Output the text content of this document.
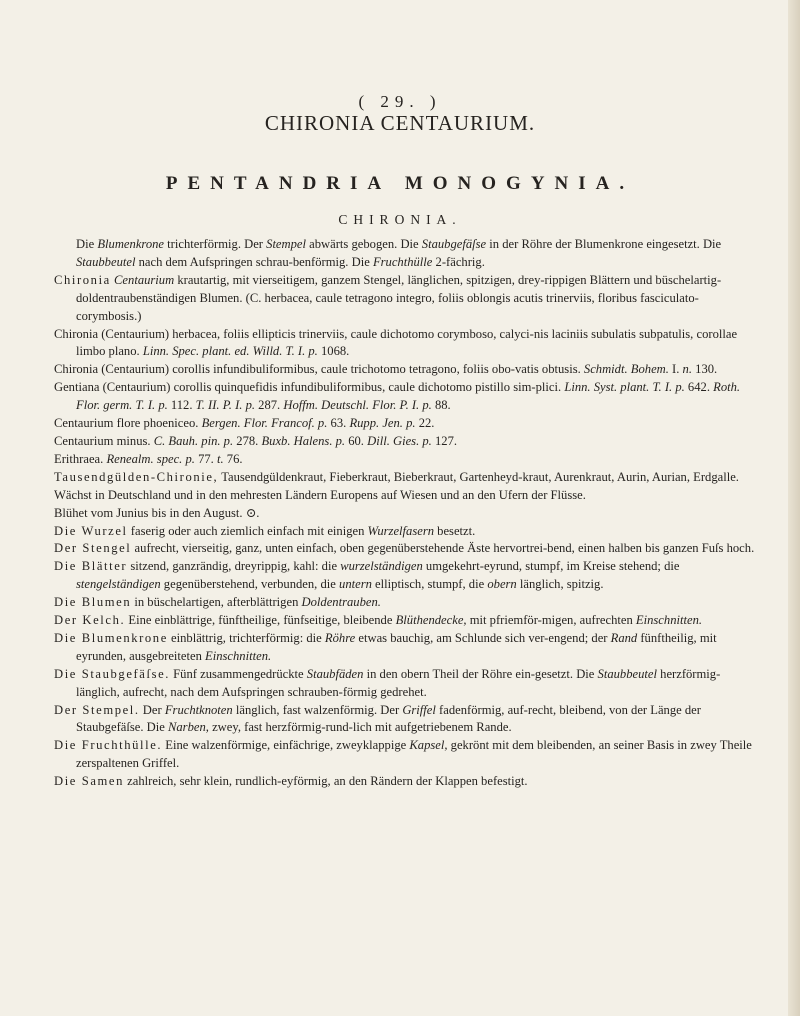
( 29. )
CHIRONIA CENTAURIUM.
PENTANDRIA MONOGYNIA.
CHIRONIA.

Die Blumenkrone trichterförmig. Der Stempel abwärts gebogen. Die Staubgefäſse in der Röhre der Blumenkrone eingesetzt. Die Staubbeutel nach dem Aufspringen schrau-benförmig. Die Fruchthülle 2-fächrig.

Chironia Centaurium krautartig, mit vierseitigem, ganzem Stengel, länglichen, spitzigen, drey-rippigen Blättern und büschelartig-doldentraubenständigen Blumen. (C. herbacea, caule tetragono integro, foliis oblongis acutis trinerviis, floribus fasciculato-corymbosis.)

Chironia (Centaurium) herbacea, foliis ellipticis trinerviis, caule dichotomo corymboso, calyci-nis laciniis subulatis subpatulis, corollae limbo plano. Linn. Spec. plant. ed. Willd. T. I. p. 1068.

Chironia (Centaurium) corollis infundibuliformibus, caule trichotomo tetragono, foliis obo-vatis obtusis. Schmidt. Bohem. I. n. 130.

Gentiana (Centaurium) corollis quinquefidis infundibuliformibus, caule dichotomo pistillo sim-plici. Linn. Syst. plant. T. I. p. 642. Roth. Flor. germ. T. I. p. 112. T. II. P. I. p. 287. Hoffm. Deutschl. Flor. P. I. p. 88.

Centaurium flore phoeniceo. Bergen. Flor. Francof. p. 63. Rupp. Jen. p. 22.

Centaurium minus. C. Bauh. pin. p. 278. Buxb. Halens. p. 60. Dill. Gies. p. 127.

Erithraea. Renealm. spec. p. 77. t. 76.

Tausendgülden-Chironie, Tausendgüldenkraut, Fieberkraut, Bieberkraut, Gartenheyd-kraut, Aurenkraut, Aurin, Aurian, Erdgalle.

Wächst in Deutschland und in den mehresten Ländern Europens auf Wiesen und an den Ufern der Flüsse.

Blühet vom Junius bis in den August. ⊙.

Die Wurzel faserig oder auch ziemlich einfach mit einigen Wurzelfasern besetzt.

Der Stengel aufrecht, vierseitig, ganz, unten einfach, oben gegenüberstehende Äste hervortrei-bend, einen halben bis ganzen Fuſs hoch.

Die Blätter sitzend, ganzrändig, dreyrippig, kahl: die wurzelständigen umgekehrt-eyrund, stumpf, im Kreise stehend; die stengelständigen gegenüberstehend, verbunden, die untern elliptisch, stumpf, die obern länglich, spitzig.

Die Blumen in büschelartigen, afterblättrigen Doldentrauben.

Der Kelch. Eine einblättrige, fünftheilige, fünfseitige, bleibende Blüthendecke, mit pfriemför-migen, aufrechten Einschnitten.

Die Blumenkrone einblättrig, trichterförmig: die Röhre etwas bauchig, am Schlunde sich ver-engend; der Rand fünftheilig, mit eyrunden, ausgebreiteten Einschnitten.

Die Staubgefäſse. Fünf zusammengedrückte Staubfäden in den obern Theil der Röhre ein-gesetzt. Die Staubbeutel herzförmig-länglich, aufrecht, nach dem Aufspringen schrauben-förmig gedrehet.

Der Stempel. Der Fruchtknoten länglich, fast walzenförmig. Der Griffel fadenförmig, auf-recht, bleibend, von der Länge der Staubgefäſse. Die Narben, zwey, fast herzförmig-rund-lich mit aufgetriebenem Rande.

Die Fruchthülle. Eine walzenförmige, einfächrige, zweyklappige Kapsel, gekrönt mit dem bleibenden, an seiner Basis in zwey Theile zerspaltenen Griffel.

Die Samen zahlreich, sehr klein, rundlich-eyförmig, an den Rändern der Klappen befestigt.
